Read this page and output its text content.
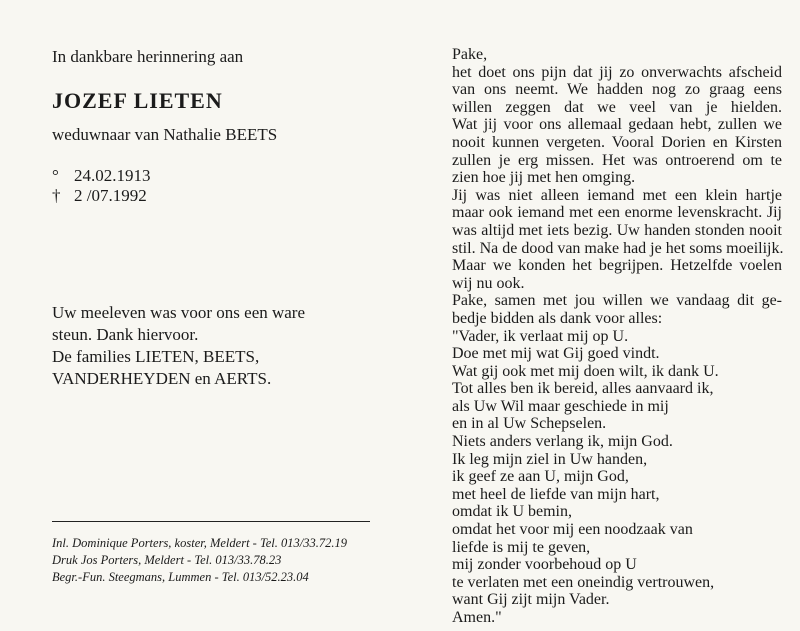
In dankbare herinnering aan
JOZEF LIETEN
weduwnaar van Nathalie BEETS
° 24.02.1913
† 2 /07.1992
Uw meeleven was voor ons een ware
steun. Dank hiervoor.
De families LIETEN, BEETS,
VANDERHEYDEN en AERTS.
Inl. Dominique Porters, koster, Meldert - Tel. 013/33.72.19
Druk Jos Porters, Meldert - Tel. 013/33.78.23
Begr.-Fun. Steegmans, Lummen - Tel. 013/52.23.04
Pake,
het doet ons pijn dat jij zo onverwachts afscheid
van ons neemt. We hadden nog zo graag eens
willen zeggen dat we veel van je hielden.
Wat jij voor ons allemaal gedaan hebt, zullen we
nooit kunnen vergeten. Vooral Dorien en Kirsten
zullen je erg missen. Het was ontroerend om te
zien hoe jij met hen omging.
Jij was niet alleen iemand met een klein hartje
maar ook iemand met een enorme levenskracht. Jij
was altijd met iets bezig. Uw handen stonden nooit
stil. Na de dood van make had je het soms moeilijk.
Maar we konden het begrijpen. Hetzelfde voelen
wij nu ook.
Pake, samen met jou willen we vandaag dit ge-
bedje bidden als dank voor alles:
"Vader, ik verlaat mij op U.
Doe met mij wat Gij goed vindt.
Wat gij ook met mij doen wilt, ik dank U.
Tot alles ben ik bereid, alles aanvaard ik,
als Uw Wil maar geschiede in mij
en in al Uw Schepselen.
Niets anders verlang ik, mijn God.
Ik leg mijn ziel in Uw handen,
ik geef ze aan U, mijn God,
met heel de liefde van mijn hart,
omdat ik U bemin,
omdat het voor mij een noodzaak van
liefde is mij te geven,
mij zonder voorbehoud op U
te verlaten met een oneindig vertrouwen,
want Gij zijt mijn Vader.
Amen."
